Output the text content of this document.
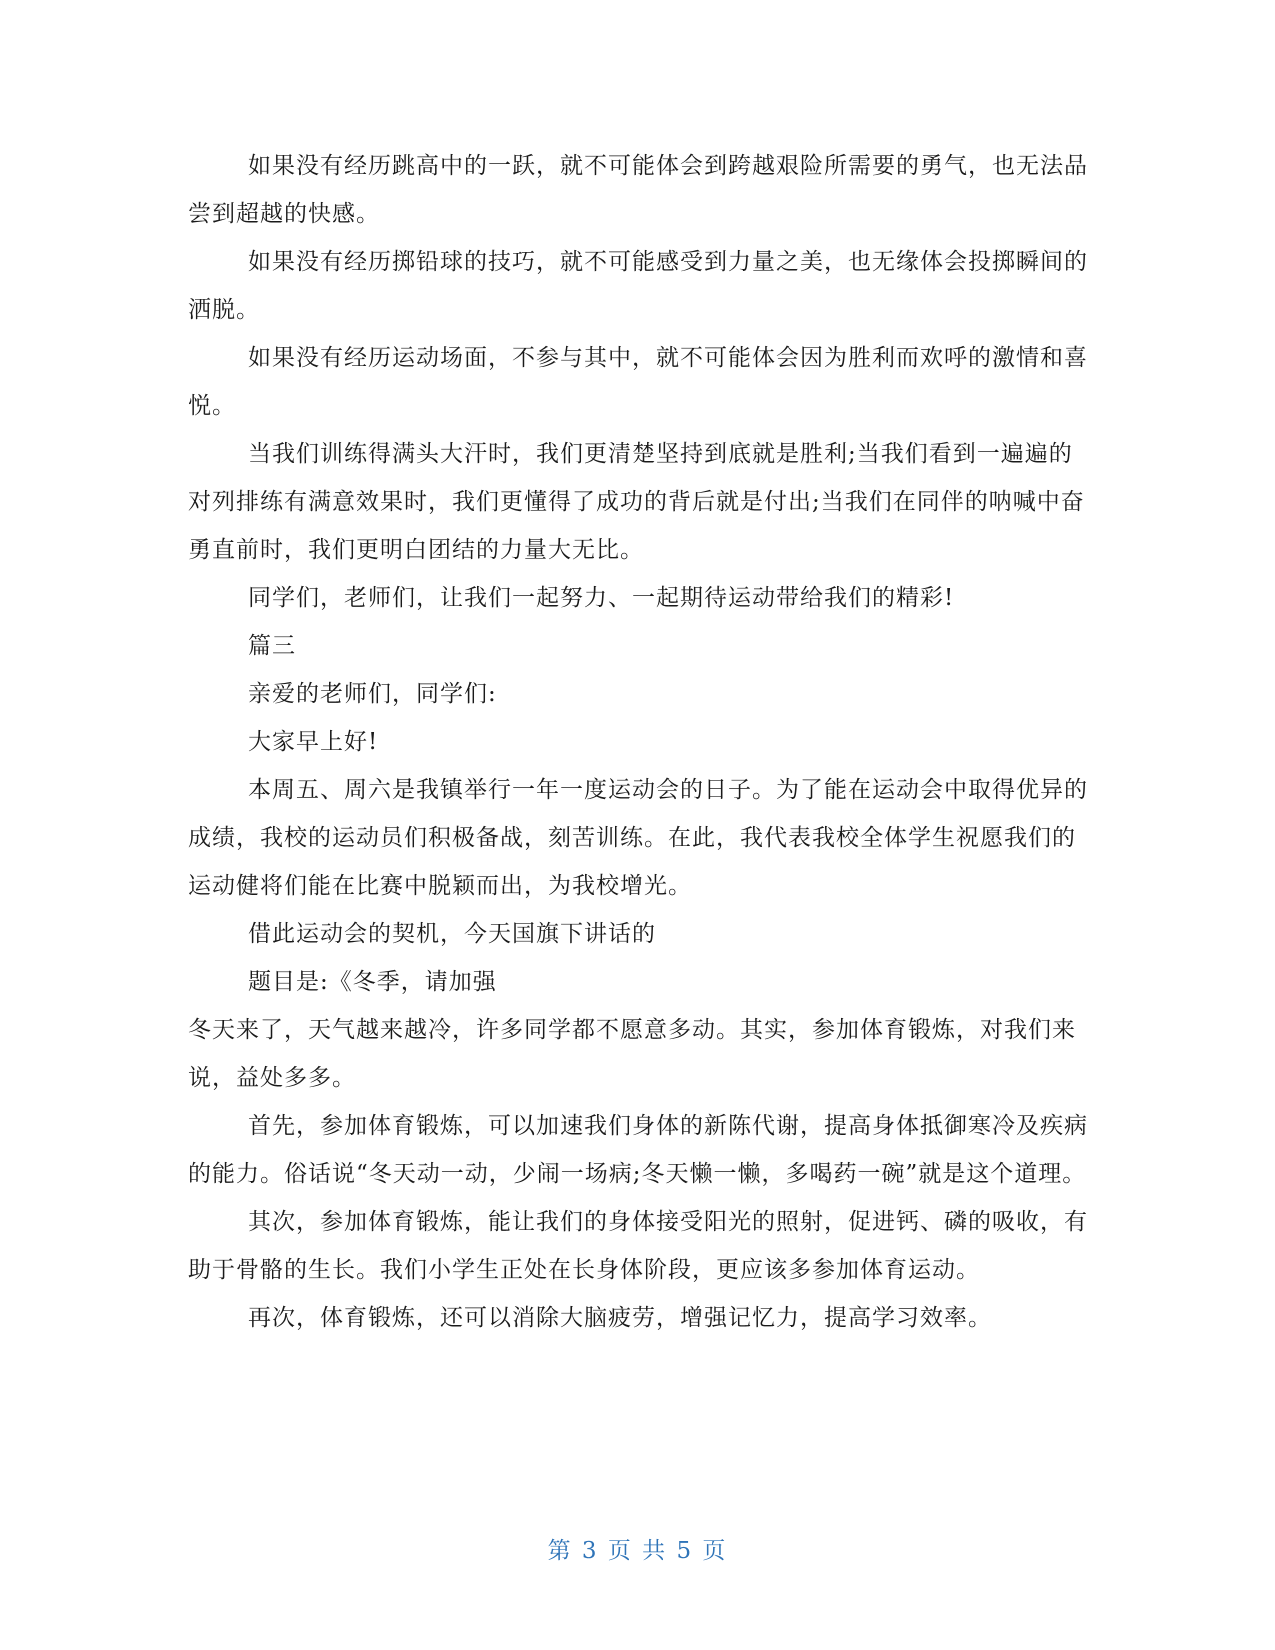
如果没有经历跳高中的一跃，就不可能体会到跨越艰险所需要的勇气，也无法品尝到超越的快感。

如果没有经历掷铅球的技巧，就不可能感受到力量之美，也无缘体会投掷瞬间的洒脱。

如果没有经历运动场面，不参与其中，就不可能体会因为胜利而欢呼的激情和喜悦。

当我们训练得满头大汗时，我们更清楚坚持到底就是胜利;当我们看到一遍遍的对列排练有满意效果时，我们更懂得了成功的背后就是付出;当我们在同伴的呐喊中奋勇直前时，我们更明白团结的力量大无比。

同学们，老师们，让我们一起努力、一起期待运动带给我们的精彩!

篇三

亲爱的老师们，同学们:

大家早上好!

本周五、周六是我镇举行一年一度运动会的日子。为了能在运动会中取得优异的成绩，我校的运动员们积极备战，刻苦训练。在此，我代表我校全体学生祝愿我们的运动健将们能在比赛中脱颖而出，为我校增光。

借此运动会的契机，今天国旗下讲话的

题目是:《冬季，请加强

冬天来了，天气越来越冷，许多同学都不愿意多动。其实，参加体育锻炼，对我们来说，益处多多。

首先，参加体育锻炼，可以加速我们身体的新陈代谢，提高身体抵御寒冷及疾病的能力。俗话说“冬天动一动，少闹一场病;冬天懒一懒，多喝药一碗”就是这个道理。

其次，参加体育锻炼，能让我们的身体接受阳光的照射，促进钙、磷的吸收，有助于骨骼的生长。我们小学生正处在长身体阶段，更应该多参加体育运动。

再次，体育锻炼，还可以消除大脑疲劳，增强记忆力，提高学习效率。

第 3 页 共 5 页
